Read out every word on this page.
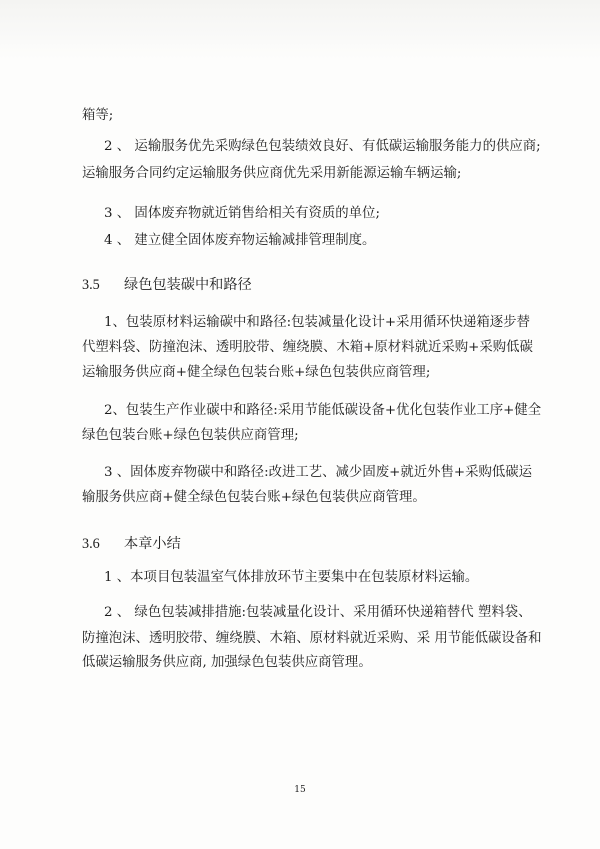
箱等;
2 、 运输服务优先采购绿色包装绩效良好、有低碳运输服务能力的供应商;
运输服务合同约定运输服务供应商优先采用新能源运输车辆运输;
3 、 固体废弃物就近销售给相关有资质的单位;
4 、 建立健全固体废弃物运输减排管理制度。
3.5 绿色包装碳中和路径
1、包装原材料运输碳中和路径:包装减量化设计+采用循环快递箱逐步替
代塑料袋、防撞泡沫、透明胶带、缠绕膜、木箱+原材料就近采购+采购低碳
运输服务供应商+健全绿色包装台账+绿色包装供应商管理;
2、包装生产作业碳中和路径:采用节能低碳设备+优化包装作业工序+健全
绿色包装台账+绿色包装供应商管理;
3 、固体废弃物碳中和路径:改进工艺、减少固废+就近外售+采购低碳运
输服务供应商+健全绿色包装台账+绿色包装供应商管理。
3.6 本章小结
1 、本项目包装温室气体排放环节主要集中在包装原材料运输。
2 、 绿色包装减排措施:包装减量化设计、采用循环快递箱替代 塑料袋、
防撞泡沫、透明胶带、缠绕膜、木箱、原材料就近采购、采 用节能低碳设备和
低碳运输服务供应商, 加强绿色包装供应商管理。
15
